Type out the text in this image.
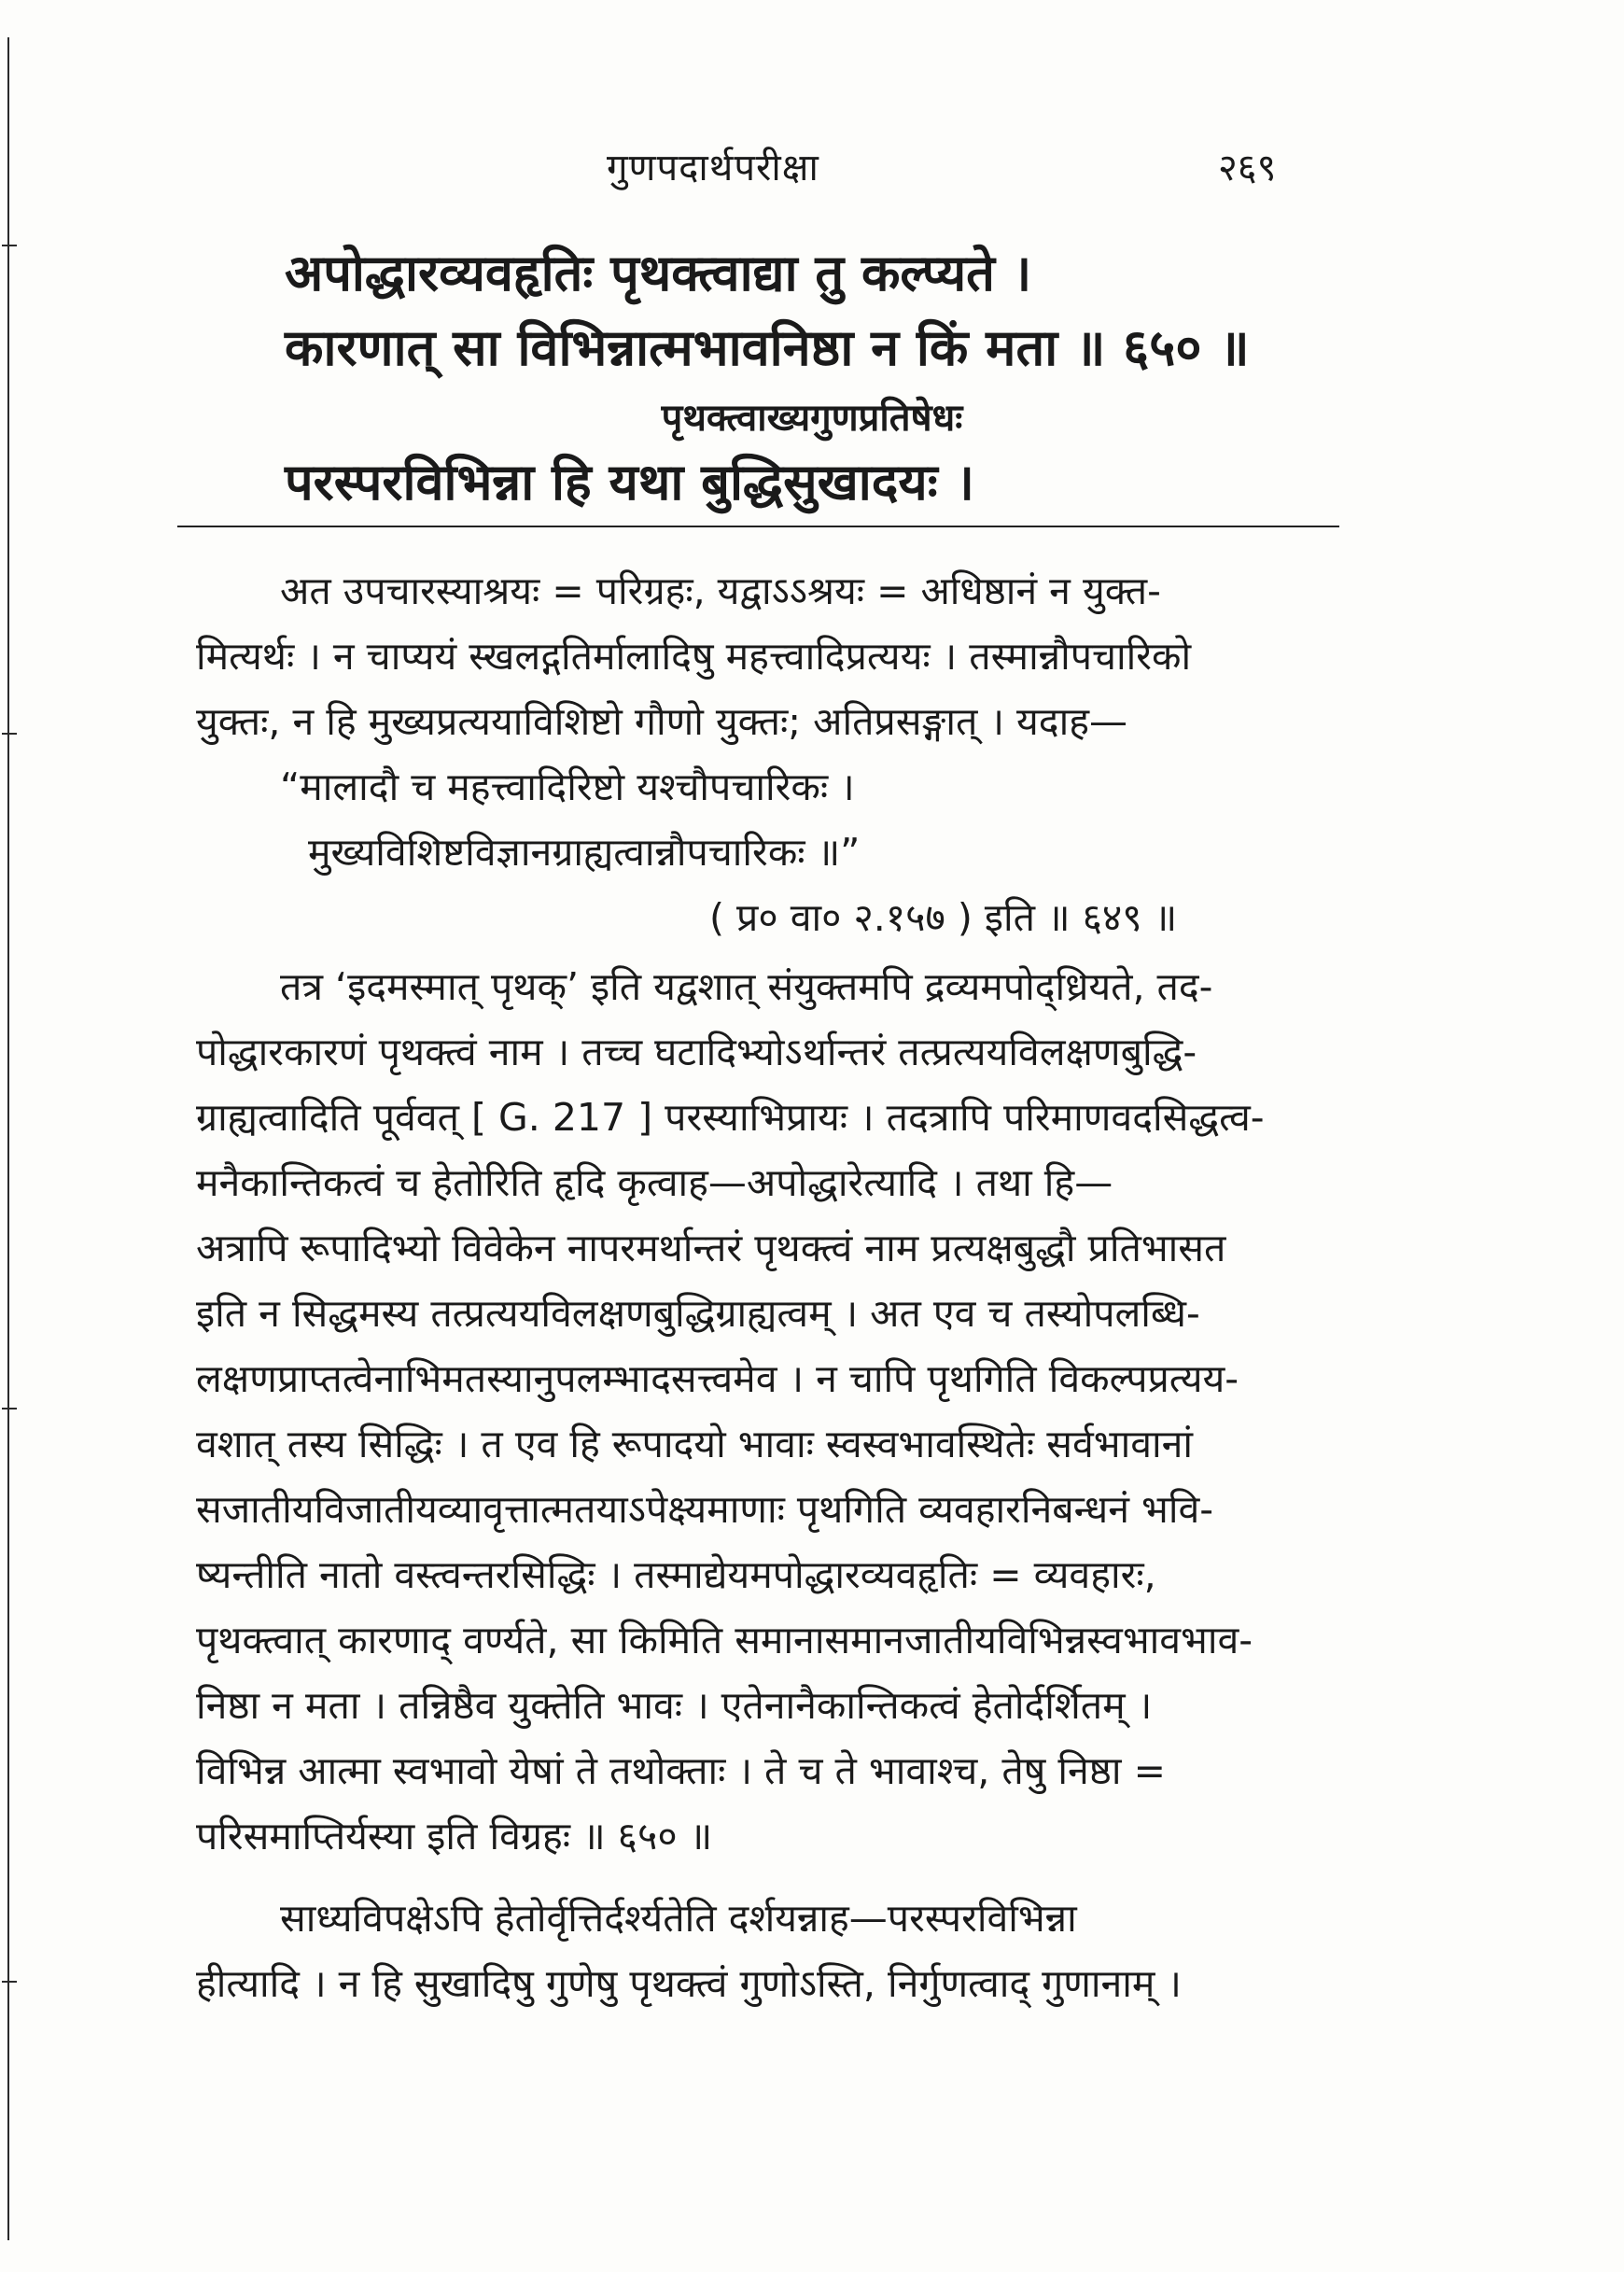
गुणपदार्थपरीक्षा	२६९
अपोद्धारव्यवहृतिः पृथक्त्वाद्या तु कल्प्यते ।
कारणात् सा विभिन्नात्मभावनिष्ठा न किं मता ॥ ६५० ॥
पृथक्त्वाख्यगुणप्रतिषेधः
परस्परविभिन्ना हि यथा बुद्धिसुखादयः ।
अत उपचारस्याश्रयः = परिग्रहः, यद्वाऽऽश्रयः = अधिष्ठानं न युक्त-
मित्यर्थः । न चाप्ययं स्खलद्गतिर्मालादिषु महत्त्वादिप्रत्ययः । तस्मान्नौपचारिको
युक्तः, न हि मुख्यप्रत्ययाविशिष्टो गौणो युक्तः; अतिप्रसङ्गात् । यदाह—
“मालादौ च महत्त्वादिरिष्टो यश्चौपचारिकः ।
मुख्यविशिष्टविज्ञानग्राह्यत्वान्नौपचारिकः ॥”
( प्र० वा० २.१५७ ) इति ॥ ६४९ ॥
तत्र ‘इदमस्मात् पृथक्’ इति यद्वशात् संयुक्तमपि द्रव्यमपोद्ध्रियते, तद-
पोद्धारकारणं पृथक्त्वं नाम । तच्च घटादिभ्योऽर्थान्तरं तत्प्रत्ययविलक्षणबुद्धि-
ग्राह्यत्वादिति पूर्ववत् [ G. 217 ] परस्याभिप्रायः । तदत्रापि परिमाणवदसिद्धत्व-
मनैकान्तिकत्वं च हेतोरिति हृदि कृत्वाह—अपोद्धारेत्यादि । तथा हि—
अत्रापि रूपादिभ्यो विवेकेन नापरमर्थान्तरं पृथक्त्वं नाम प्रत्यक्षबुद्धौ प्रतिभासत
इति न सिद्धमस्य तत्प्रत्ययविलक्षणबुद्धिग्राह्यत्वम् । अत एव च तस्योपलब्धि-
लक्षणप्राप्तत्वेनाभिमतस्यानुपलम्भादसत्त्वमेव । न चापि पृथगिति विकल्पप्रत्यय-
वशात् तस्य सिद्धिः । त एव हि रूपादयो भावाः स्वस्वभावस्थितेः सर्वभावानां
सजातीयविजातीयव्यावृत्तात्मतयाऽपेक्ष्यमाणाः पृथगिति व्यवहारनिबन्धनं भवि-
ष्यन्तीति नातो वस्त्वन्तरसिद्धिः । तस्माद्येयमपोद्धारव्यवहृतिः = व्यवहारः,
पृथक्त्वात् कारणाद् वर्ण्यते, सा किमिति समानासमानजातीयविभिन्नस्वभावभाव-
निष्ठा न मता । तन्निष्ठैव युक्तेति भावः । एतेनानैकान्तिकत्वं हेतोर्दर्शितम् ।
विभिन्न आत्मा स्वभावो येषां ते तथोक्ताः । ते च ते भावाश्च, तेषु निष्ठा =
परिसमाप्तिर्यस्या इति विग्रहः ॥ ६५० ॥
साध्यविपक्षेऽपि हेतोर्वृत्तिर्दर्श्यतेति दर्शयन्नाह—परस्परविभिन्ना
हीत्यादि । न हि सुखादिषु गुणेषु पृथक्त्वं गुणोऽस्ति, निर्गुणत्वाद् गुणानाम् ।
